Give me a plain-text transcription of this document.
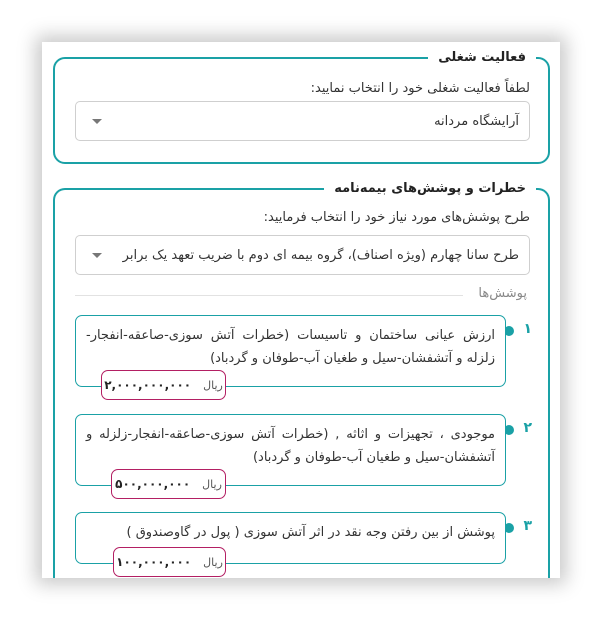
فعالیت شغلی
لطفاً فعالیت شغلی خود را انتخاب نمایید:
آرایشگاه مردانه
خطرات و پوشش‌های بیمه‌نامه
طرح پوشش‌های مورد نیاز خود را انتخاب فرمایید:
طرح سانا چهارم (ویژه اصناف)، گروه بیمه ای دوم با ضریب تعهد یک برابر
پوشش‌ها
۱
ارزش عیانی ساختمان و تاسیسات (خطرات آتش سوزی-صاعقه-انفجار-زلزله و آتشفشان-سیل و طغیان آب-طوفان و گردباد)
ریال
۲,۰۰۰,۰۰۰,۰۰۰
۲
موجودی ، تجهیزات و اثاثه , (خطرات آتش سوزی-صاعقه-انفجار-زلزله و آتشفشان-سیل و طغیان آب-طوفان و گردباد)
ریال
۵۰۰,۰۰۰,۰۰۰
۳
پوشش از بین رفتن وجه نقد در اثر آتش سوزی ( پول در گاوصندوق )
ریال
۱۰۰,۰۰۰,۰۰۰
